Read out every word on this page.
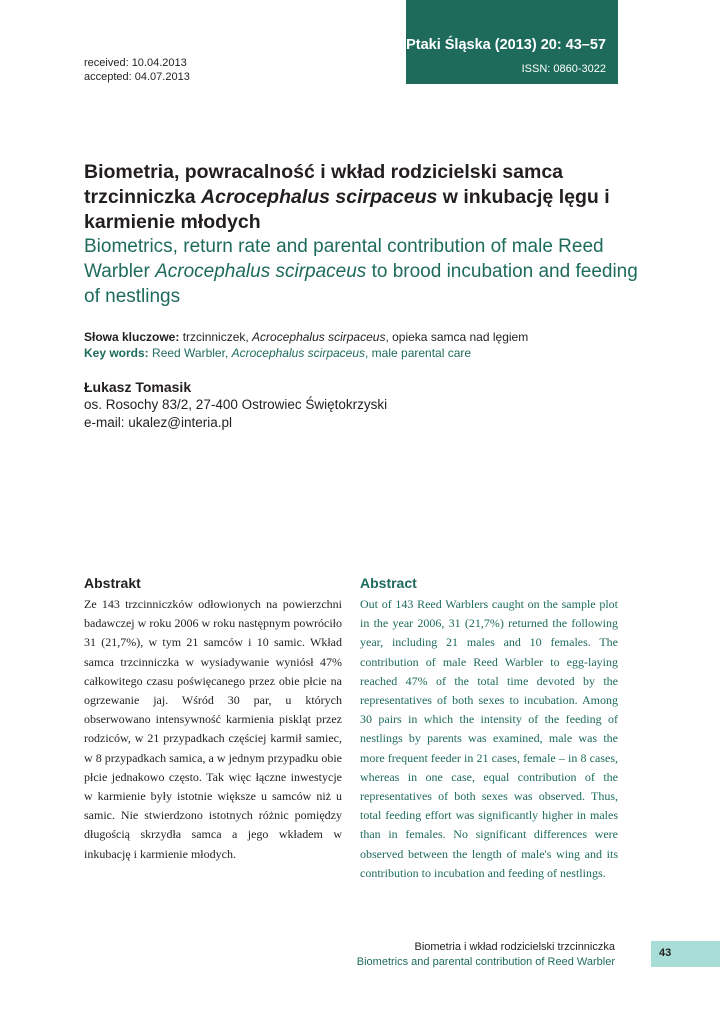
Ptaki Śląska (2013) 20: 43–57
ISSN: 0860-3022
received: 10.04.2013
accepted: 04.07.2013
Biometria, powracalność i wkład rodzicielski samca trzcinniczka Acrocephalus scirpaceus w inkubację lęgu i karmienie młodych
Biometrics, return rate and parental contribution of male Reed Warbler Acrocephalus scirpaceus to brood incubation and feeding of nestlings
Słowa kluczowe: trzcinniczek, Acrocephalus scirpaceus, opieka samca nad lęgiem
Key words: Reed Warbler, Acrocephalus scirpaceus, male parental care
Łukasz Tomasik
os. Rosochy 83/2, 27-400 Ostrowiec Świętokrzyski
e-mail: ukalez@interia.pl
Abstrakt
Ze 143 trzcinniczków odłowionych na powierzchni badawczej w roku 2006 w roku następnym powróciło 31 (21,7%), w tym 21 samców i 10 samic. Wkład samca trzcinniczka w wysiadywanie wyniósł 47% całkowitego czasu poświęcanego przez obie płcie na ogrzewanie jaj. Wśród 30 par, u których obserwowano intensywność karmienia piskląt przez rodziców, w 21 przypadkach częściej karmił samiec, w 8 przypadkach samica, a w jednym przypadku obie płcie jednakowo często. Tak więc łączne inwestycje w karmienie były istotnie większe u samców niż u samic. Nie stwierdzono istotnych różnic pomiędzy długością skrzydła samca a jego wkładem w inkubację i karmienie młodych.
Abstract
Out of 143 Reed Warblers caught on the sample plot in the year 2006, 31 (21,7%) returned the following year, including 21 males and 10 females. The contribution of male Reed Warbler to egg-laying reached 47% of the total time devoted by the representatives of both sexes to incubation. Among 30 pairs in which the intensity of the feeding of nestlings by parents was examined, male was the more frequent feeder in 21 cases, female – in 8 cases, whereas in one case, equal contribution of the representatives of both sexes was observed. Thus, total feeding effort was significantly higher in males than in females. No significant differences were observed between the length of male's wing and its contribution to incubation and feeding of nestlings.
Biometria i wkład rodzicielski trzcinniczka
Biometrics and parental contribution of Reed Warbler
43
